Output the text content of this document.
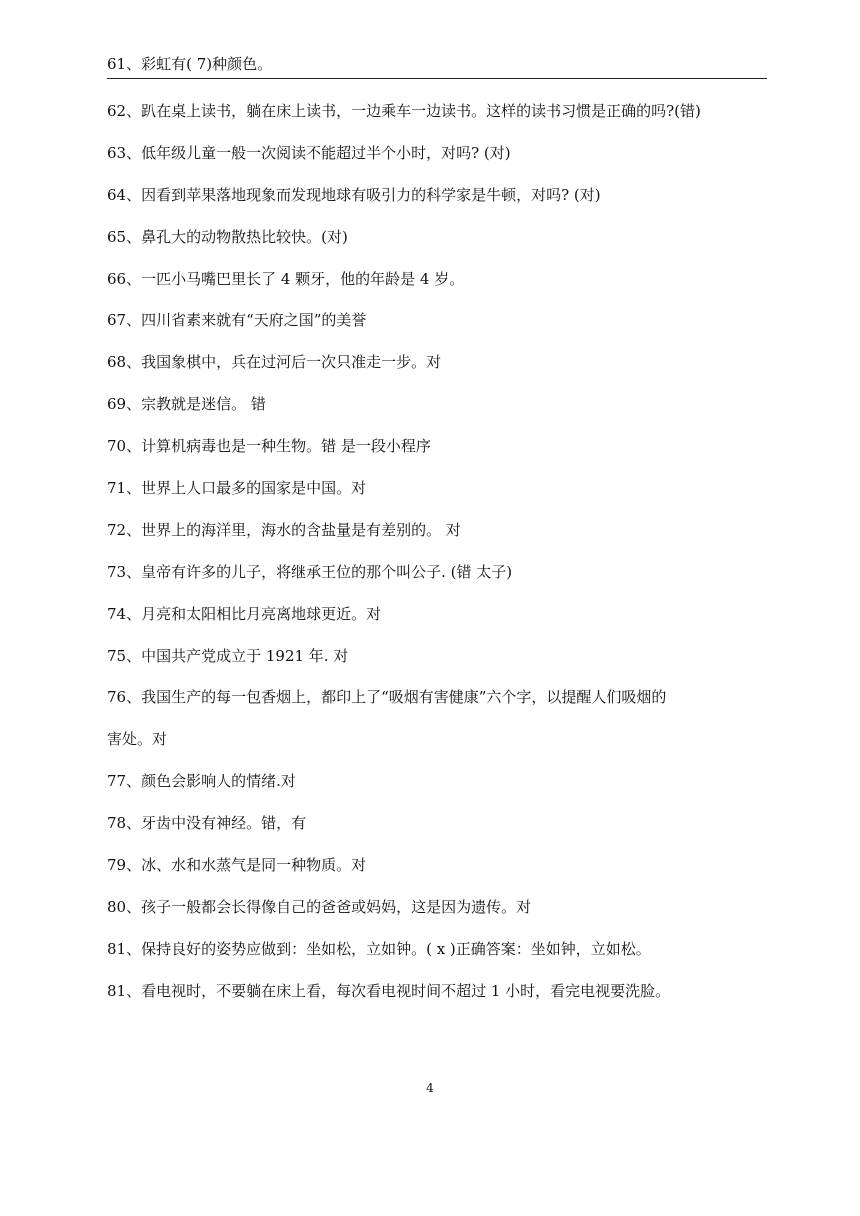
61、彩虹有( 7)种颜色。

62、趴在桌上读书，躺在床上读书，一边乘车一边读书。这样的读书习惯是正确的吗?(错)
63、低年级儿童一般一次阅读不能超过半个小时，对吗? (对)
64、因看到苹果落地现象而发现地球有吸引力的科学家是牛顿，对吗? (对)
65、鼻孔大的动物散热比较快。(对)
66、一匹小马嘴巴里长了 4 颗牙，他的年龄是 4 岁。
67、四川省素来就有“天府之国”的美誉
68、我国象棋中，兵在过河后一次只准走一步。对
69、宗教就是迷信。 错
70、计算机病毒也是一种生物。错 是一段小程序
71、世界上人口最多的国家是中国。对
72、世界上的海洋里，海水的含盐量是有差别的。 对
73、皇帝有许多的儿子，将继承王位的那个叫公子. (错 太子)
74、月亮和太阳相比月亮离地球更近。对
75、中国共产党成立于 1921 年. 对
76、我国生产的每一包香烟上，都印上了“吸烟有害健康”六个字，以提醒人们吸烟的
害处。对
77、颜色会影响人的情绪.对
78、牙齿中没有神经。错，有
79、冰、水和水蒸气是同一种物质。对
80、孩子一般都会长得像自己的爸爸或妈妈，这是因为遗传。对
81、保持良好的姿势应做到：坐如松，立如钟。( x )正确答案：坐如钟，立如松。
81、看电视时，不要躺在床上看，每次看电视时间不超过 1 小时，看完电视要洗脸。
4
